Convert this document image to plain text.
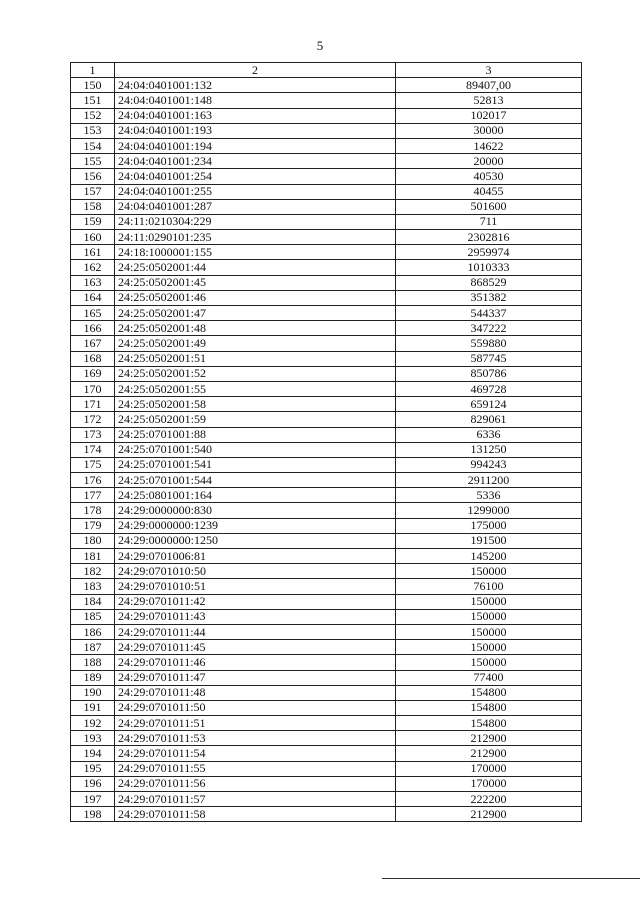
5
1	2	3
150	24:04:0401001:132	89407,00
151	24:04:0401001:148	52813
152	24:04:0401001:163	102017
153	24:04:0401001:193	30000
154	24:04:0401001:194	14622
155	24:04:0401001:234	20000
156	24:04:0401001:254	40530
157	24:04:0401001:255	40455
158	24:04:0401001:287	501600
159	24:11:0210304:229	711
160	24:11:0290101:235	2302816
161	24:18:1000001:155	2959974
162	24:25:0502001:44	1010333
163	24:25:0502001:45	868529
164	24:25:0502001:46	351382
165	24:25:0502001:47	544337
166	24:25:0502001:48	347222
167	24:25:0502001:49	559880
168	24:25:0502001:51	587745
169	24:25:0502001:52	850786
170	24:25:0502001:55	469728
171	24:25:0502001:58	659124
172	24:25:0502001:59	829061
173	24:25:0701001:88	6336
174	24:25:0701001:540	131250
175	24:25:0701001:541	994243
176	24:25:0701001:544	2911200
177	24:25:0801001:164	5336
178	24:29:0000000:830	1299000
179	24:29:0000000:1239	175000
180	24:29:0000000:1250	191500
181	24:29:0701006:81	145200
182	24:29:0701010:50	150000
183	24:29:0701010:51	76100
184	24:29:0701011:42	150000
185	24:29:0701011:43	150000
186	24:29:0701011:44	150000
187	24:29:0701011:45	150000
188	24:29:0701011:46	150000
189	24:29:0701011:47	77400
190	24:29:0701011:48	154800
191	24:29:0701011:50	154800
192	24:29:0701011:51	154800
193	24:29:0701011:53	212900
194	24:29:0701011:54	212900
195	24:29:0701011:55	170000
196	24:29:0701011:56	170000
197	24:29:0701011:57	222200
198	24:29:0701011:58	212900
